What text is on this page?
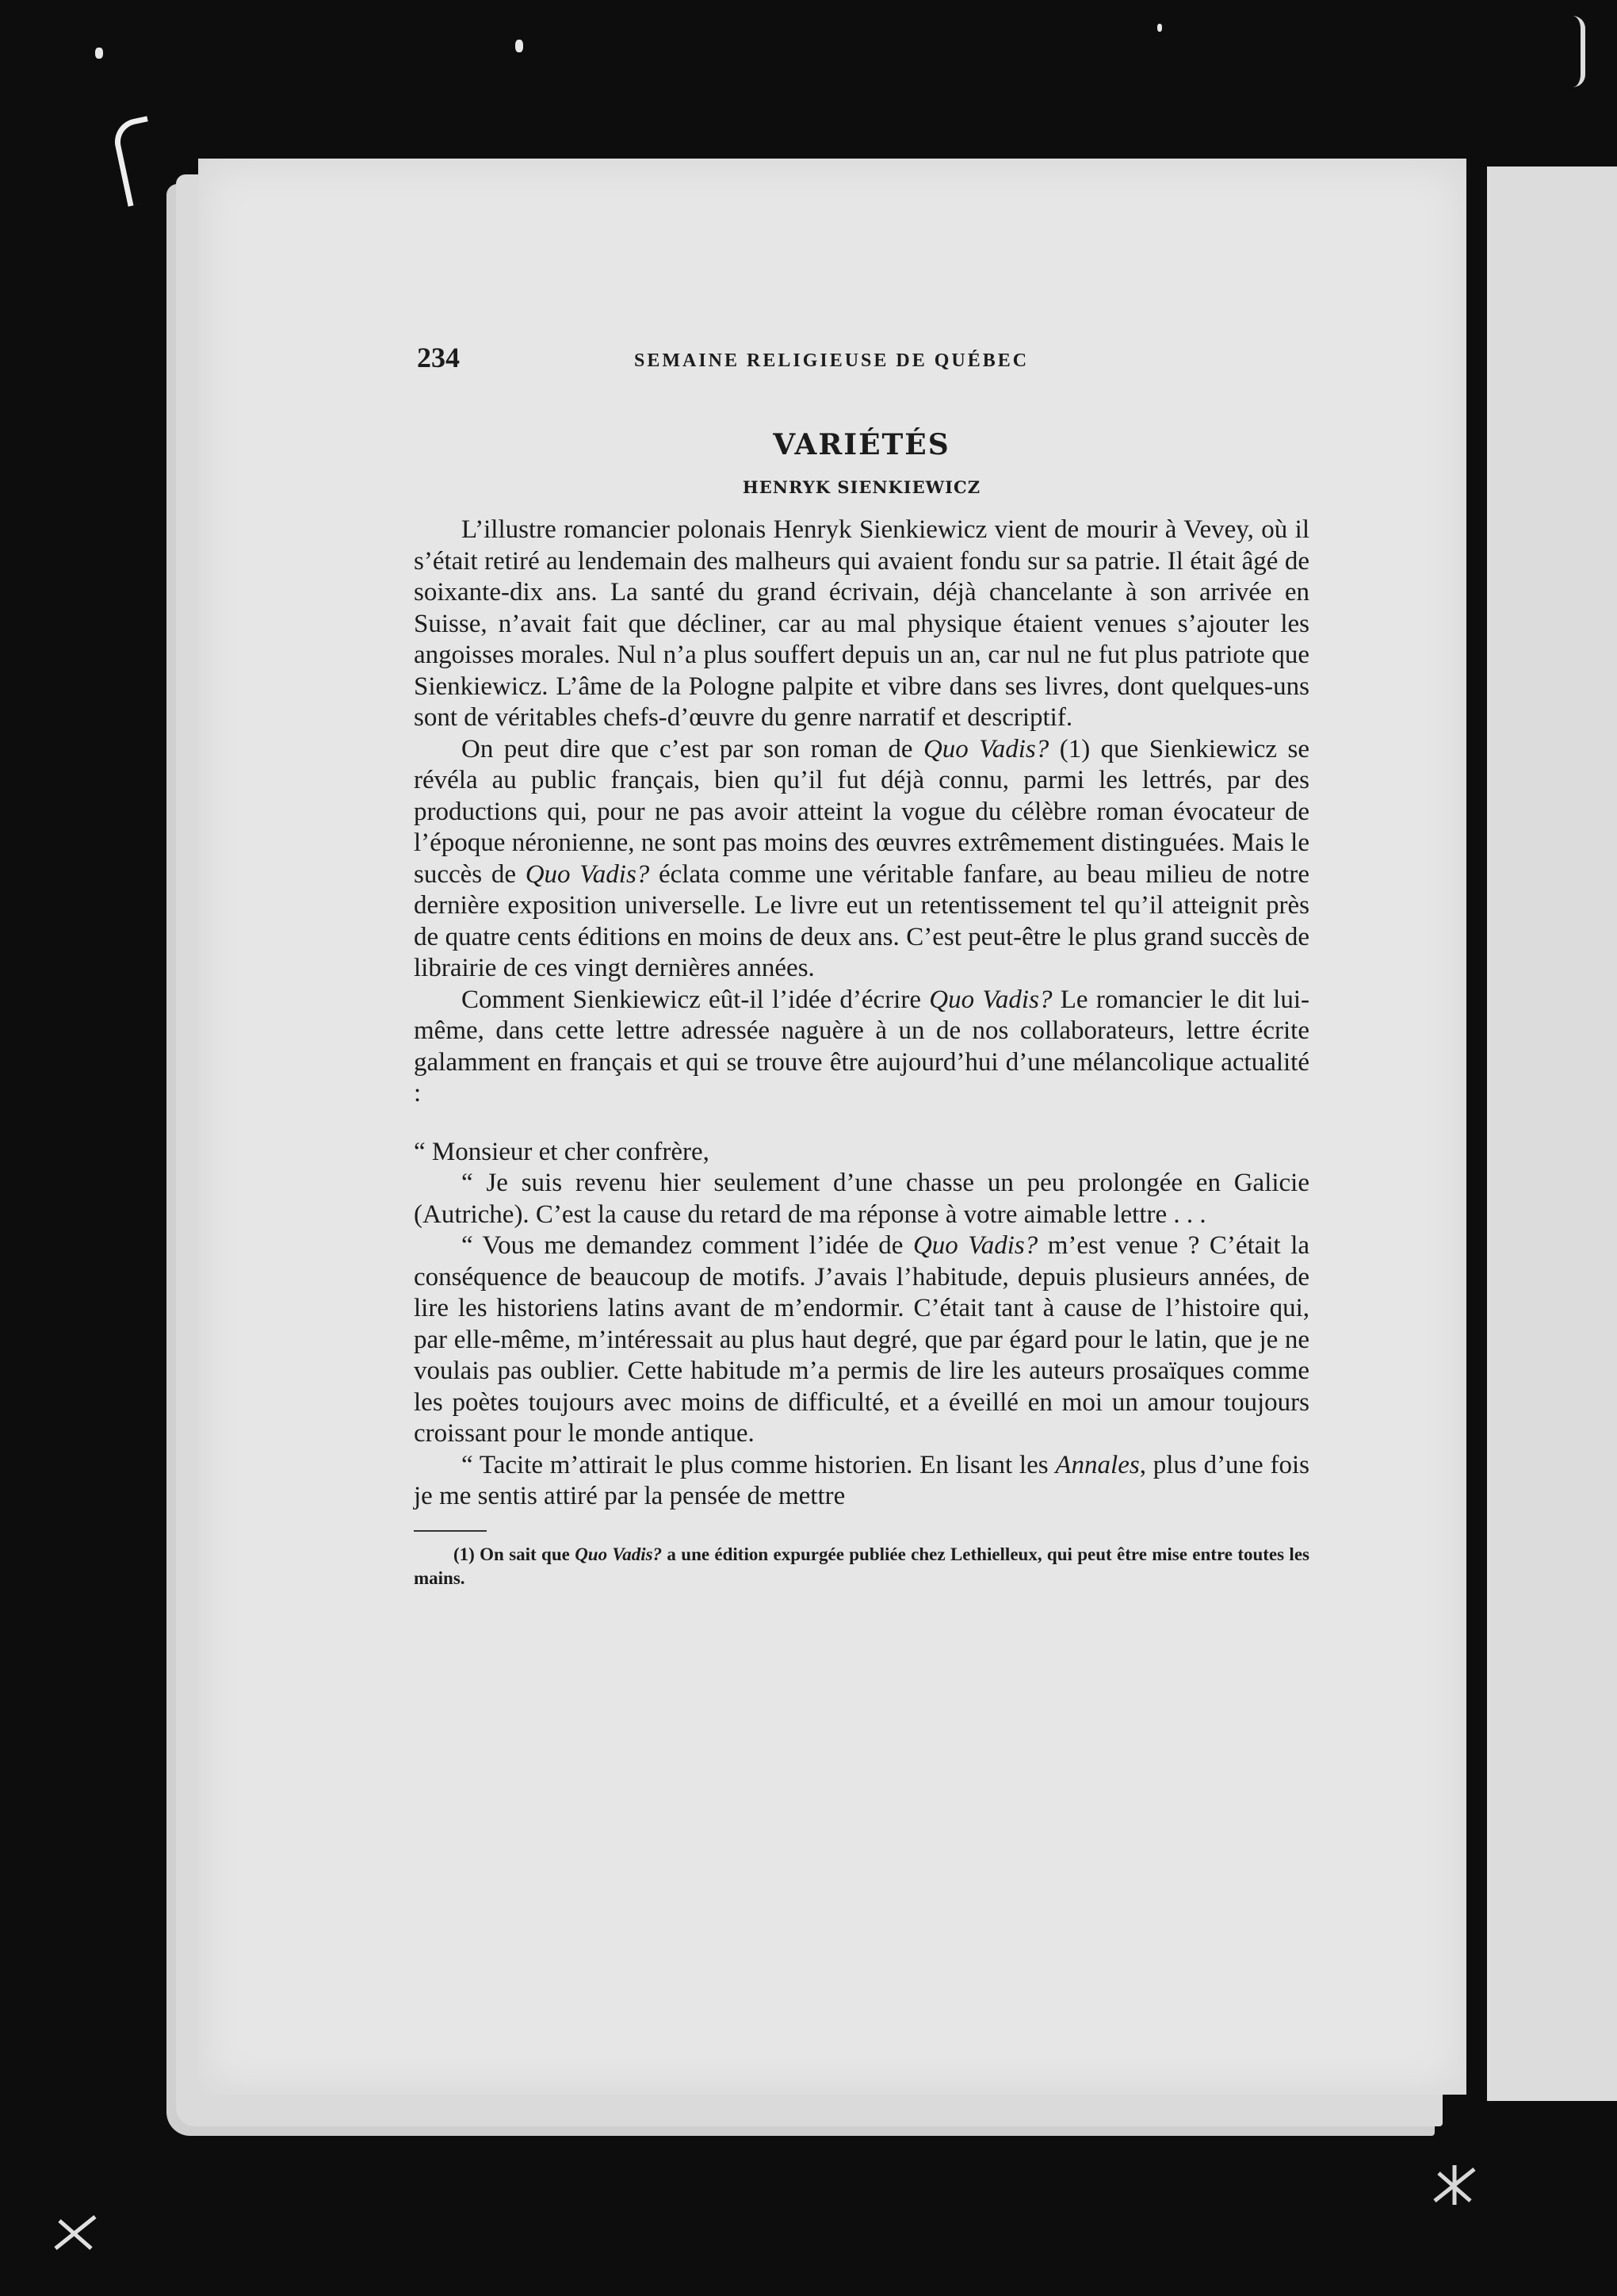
234	SEMAINE RELIGIEUSE DE QUÉBEC
VARIÉTÉS
HENRYK SIENKIEWICZ

L’illustre romancier polonais Henryk Sienkiewicz vient de mourir à Vevey, où il s’était retiré au lendemain des malheurs qui avaient fondu sur sa patrie. Il était âgé de soixante-dix ans. La santé du grand écrivain, déjà chancelante à son arrivée en Suisse, n’avait fait que décliner, car au mal physique étaient venues s’ajouter les angoisses morales. Nul n’a plus souffert depuis un an, car nul ne fut plus patriote que Sienkiewicz. L’âme de la Pologne palpite et vibre dans ses livres, dont quelques-uns sont de véritables chefs-d’œuvre du genre narratif et descriptif.

On peut dire que c’est par son roman de Quo Vadis? (1) que Sienkiewicz se révéla au public français, bien qu’il fut déjà connu, parmi les lettrés, par des productions qui, pour ne pas avoir atteint la vogue du célèbre roman évocateur de l’époque néronienne, ne sont pas moins des œuvres extrêmement distinguées. Mais le succès de Quo Vadis? éclata comme une véritable fanfare, au beau milieu de notre dernière exposition universelle. Le livre eut un retentissement tel qu’il atteignit près de quatre cents éditions en moins de deux ans. C’est peut-être le plus grand succès de librairie de ces vingt dernières années.

Comment Sienkiewicz eût-il l’idée d’écrire Quo Vadis? Le romancier le dit lui-même, dans cette lettre adressée naguère à un de nos collaborateurs, lettre écrite galamment en français et qui se trouve être aujourd’hui d’une mélancolique actualité :

“ Monsieur et cher confrère,

“ Je suis revenu hier seulement d’une chasse un peu prolongée en Galicie (Autriche). C’est la cause du retard de ma réponse à votre aimable lettre . . .

“ Vous me demandez comment l’idée de Quo Vadis? m’est venue ? C’était la conséquence de beaucoup de motifs. J’avais l’habitude, depuis plusieurs années, de lire les historiens latins avant de m’endormir. C’était tant à cause de l’histoire qui, par elle-même, m’intéressait au plus haut degré, que par égard pour le latin, que je ne voulais pas oublier. Cette habitude m’a permis de lire les auteurs prosaïques comme les poètes toujours avec moins de difficulté, et a éveillé en moi un amour toujours croissant pour le monde antique.

“ Tacite m’attirait le plus comme historien. En lisant les Annales, plus d’une fois je me sentis attiré par la pensée de mettre

(1) On sait que Quo Vadis? a une édition expurgée publiée chez Lethielleux, qui peut être mise entre toutes les mains.
